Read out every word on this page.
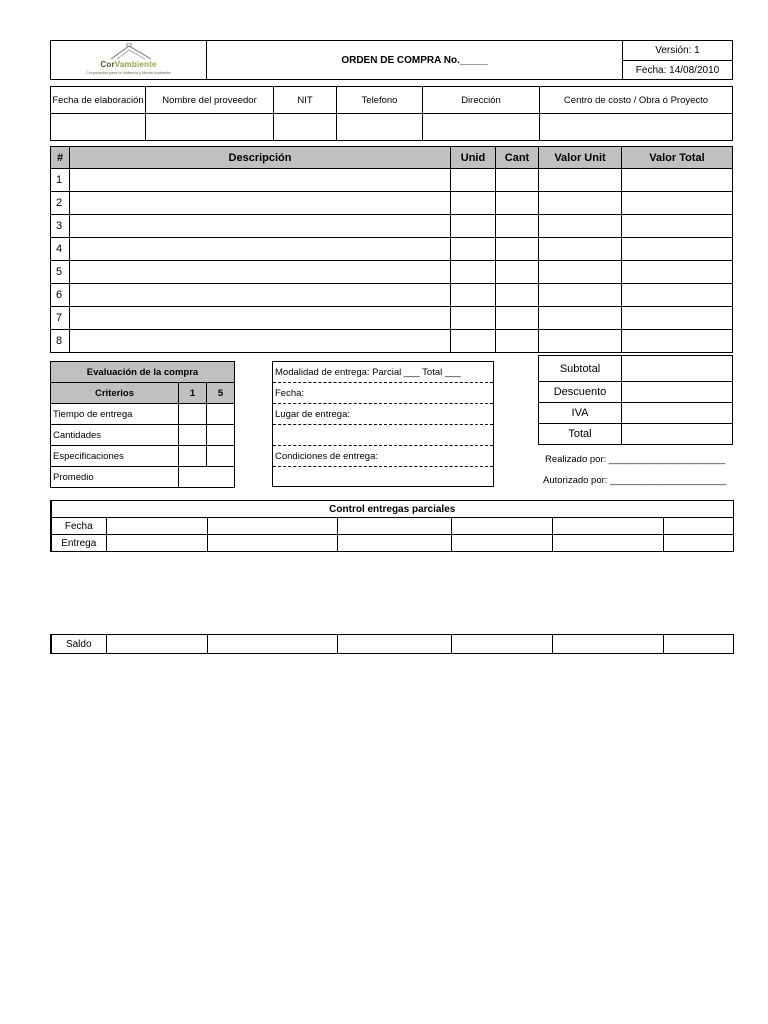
CorVambiente
Corporación para la Vivienda y Medio Ambiente
	ORDEN DE COMPRA No._____	Versión: 1
Fecha: 14/08/2010
Fecha de elaboración	Nombre del proveedor	NIT	Telefono	Dirección	Centro de costo / Obra ó Proyecto

#	Descripción	Unid	Cant	Valor Unit	Valor Total
1					
2					
3					
4					
5					
6					
7					
8					
Evaluación de la compra		
Criterios	1	5
Tiempo de entrega		
Cantidades		
Especificaciones		
Promedio		
Modalidad de entrega: Parcial ___ Total ___
Fecha:
Lugar de entrega:
Condiciones de entrega:
Subtotal	
Descuento	
IVA	
Total	
Realizado por: ______________________
Autorizado por: ______________________
Control entregas parciales						
Fecha						
Entrega						
Saldo						
